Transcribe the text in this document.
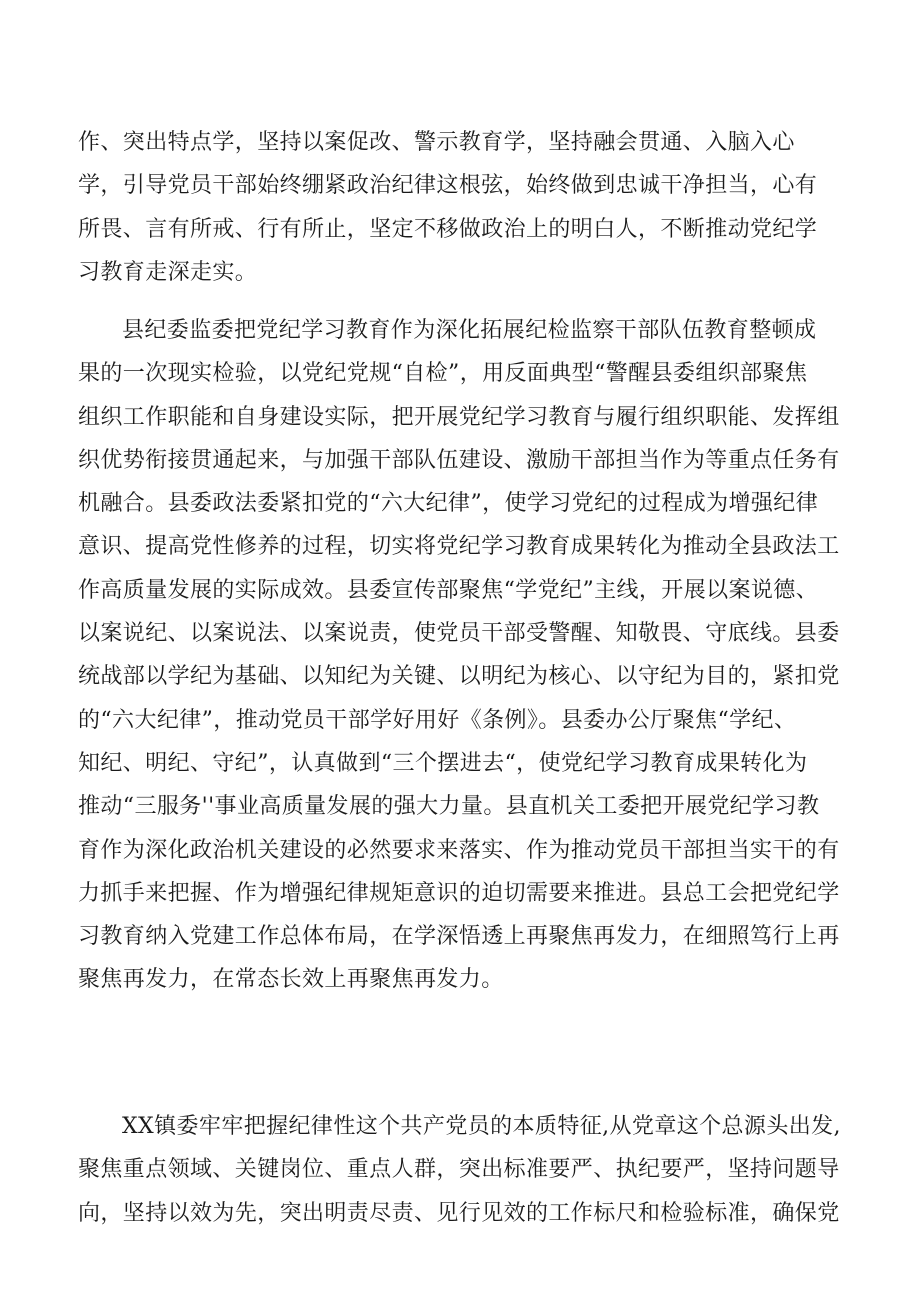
作、突出特点学，坚持以案促改、警示教育学，坚持融会贯通、入脑入心
学，引导党员干部始终绷紧政治纪律这根弦，始终做到忠诚干净担当，心有
所畏、言有所戒、行有所止，坚定不移做政治上的明白人，不断推动党纪学
习教育走深走实。
县纪委监委把党纪学习教育作为深化拓展纪检监察干部队伍教育整顿成
果的一次现实检验，以党纪党规“自检”，用反面典型“警醒县委组织部聚焦
组织工作职能和自身建设实际，把开展党纪学习教育与履行组织职能、发挥组
织优势衔接贯通起来，与加强干部队伍建设、激励干部担当作为等重点任务有
机融合。县委政法委紧扣党的“六大纪律”，使学习党纪的过程成为增强纪律
意识、提高党性修养的过程，切实将党纪学习教育成果转化为推动全县政法工
作高质量发展的实际成效。县委宣传部聚焦“学党纪”主线，开展以案说德、
以案说纪、以案说法、以案说责，使党员干部受警醒、知敬畏、守底线。县委
统战部以学纪为基础、以知纪为关键、以明纪为核心、以守纪为目的，紧扣党
的“六大纪律”，推动党员干部学好用好《条例》。县委办公厅聚焦“学纪、
知纪、明纪、守纪”，认真做到“三个摆进去“，使党纪学习教育成果转化为
推动“三服务''事业高质量发展的强大力量。县直机关工委把开展党纪学习教
育作为深化政治机关建设的必然要求来落实、作为推动党员干部担当实干的有
力抓手来把握、作为增强纪律规矩意识的迫切需要来推进。县总工会把党纪学
习教育纳入党建工作总体布局，在学深悟透上再聚焦再发力，在细照笃行上再
聚焦再发力，在常态长效上再聚焦再发力。
XX镇委牢牢把握纪律性这个共产党员的本质特征,从党章这个总源头出发,
聚焦重点领域、关键岗位、重点人群，突出标准要严、执纪要严，坚持问题导
向，坚持以效为先，突出明责尽责、见行见效的工作标尺和检验标准，确保党
